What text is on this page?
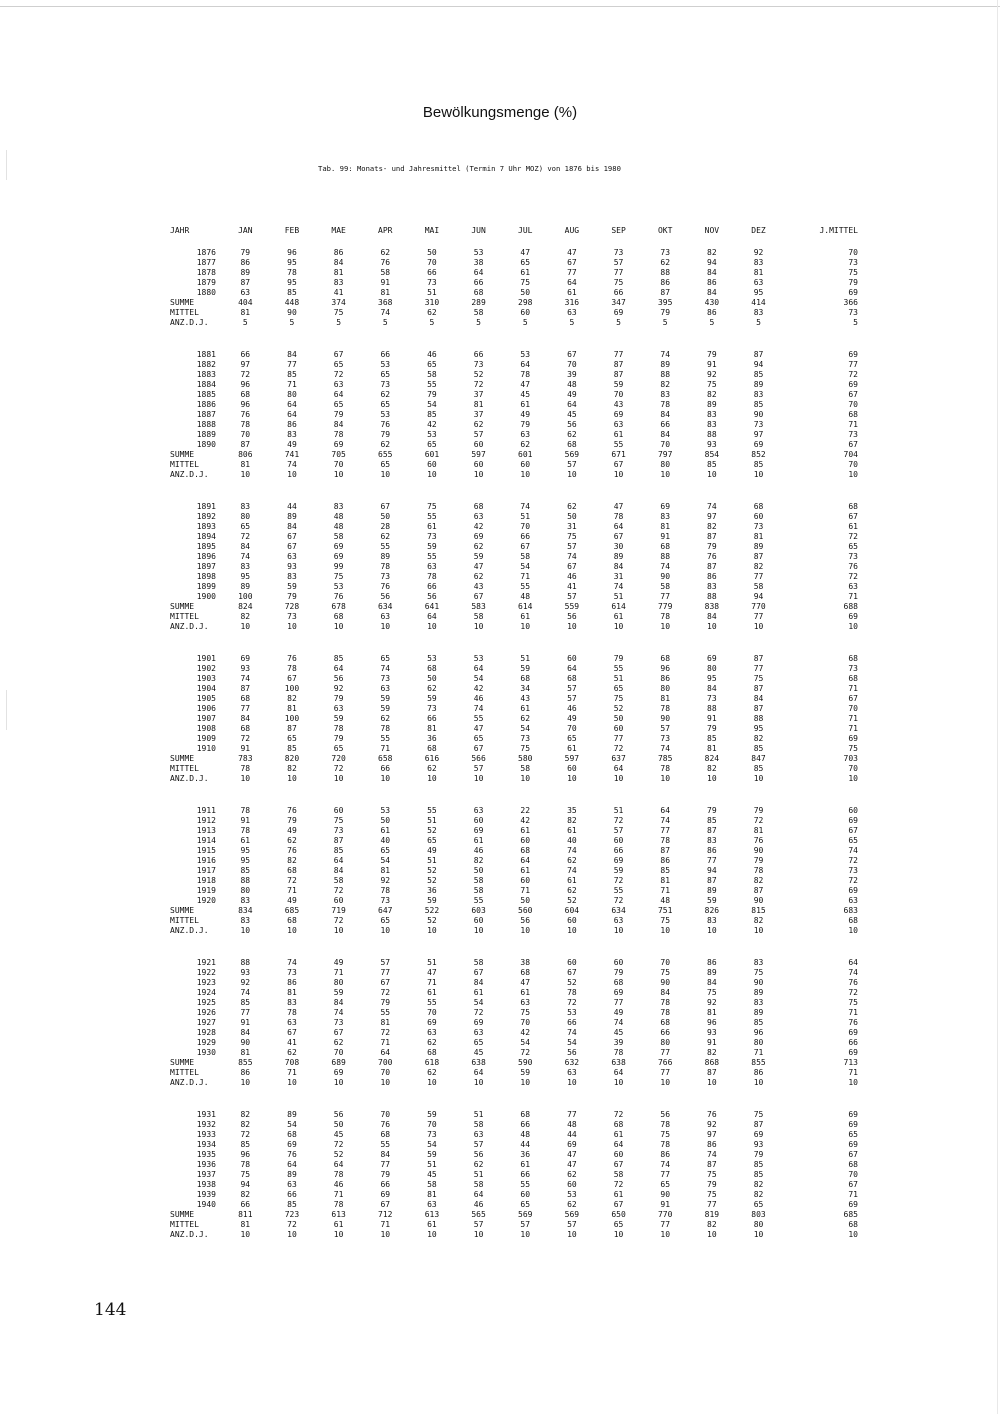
Bewölkungsmenge (%)
Tab. 99: Monats- und Jahresmittel (Termin 7 Uhr MOZ) von 1876 bis 1980
JAHR	JAN	FEB	MAE	APR	MAI	JUN	JUL	AUG	SEP	OKT	NOV	DEZ	J.MITTEL
1876	79	96	86	62	50	53	47	47	73	73	82	92	70
1877	86	95	84	76	70	38	65	67	57	62	94	83	73
1878	89	78	81	58	66	64	61	77	77	88	84	81	75
1879	87	95	83	91	73	66	75	64	75	86	86	63	79
1880	63	85	41	81	51	68	50	61	66	87	84	95	69
SUMME	404	448	374	368	310	289	298	316	347	395	430	414	366
MITTEL	81	90	75	74	62	58	60	63	69	79	86	83	73
ANZ.D.J.	5	5	5	5	5	5	5	5	5	5	5	5	5

1881	66	84	67	66	46	66	53	67	77	74	79	87	69
1882	97	77	65	53	65	73	64	70	87	89	91	94	77
1883	72	85	72	65	58	52	78	39	87	88	92	85	72
1884	96	71	63	73	55	72	47	48	59	82	75	89	69
1885	68	80	64	62	79	37	45	49	70	83	82	83	67
1886	96	64	65	65	54	81	61	64	43	78	89	85	70
1887	76	64	79	53	85	37	49	45	69	84	83	90	68
1888	78	86	84	76	42	62	79	56	63	66	83	73	71
1889	70	83	78	79	53	57	63	62	61	84	88	97	73
1890	87	49	69	62	65	60	62	68	55	70	93	69	67
SUMME	806	741	705	655	601	597	601	569	671	797	854	852	704
MITTEL	81	74	70	65	60	60	60	57	67	80	85	85	70
ANZ.D.J.	10	10	10	10	10	10	10	10	10	10	10	10	10

1891	83	44	83	67	75	68	74	62	47	69	74	68	68
1892	80	89	48	50	55	63	51	50	78	83	97	60	67
1893	65	84	48	28	61	42	70	31	64	81	82	73	61
1894	72	67	58	62	73	69	66	75	67	91	87	81	72
1895	84	67	69	55	59	62	67	57	30	68	79	89	65
1896	74	63	69	89	55	59	58	74	89	88	76	87	73
1897	83	93	99	78	63	47	54	67	84	74	87	82	76
1898	95	83	75	73	78	62	71	46	31	90	86	77	72
1899	89	59	53	76	66	43	55	41	74	58	83	58	63
1900	100	79	76	56	56	67	48	57	51	77	88	94	71
SUMME	824	728	678	634	641	583	614	559	614	779	838	770	688
MITTEL	82	73	68	63	64	58	61	56	61	78	84	77	69
ANZ.D.J.	10	10	10	10	10	10	10	10	10	10	10	10	10

1901	69	76	85	65	53	53	51	60	79	68	69	87	68
1902	93	78	64	74	68	64	59	64	55	96	80	77	73
1903	74	67	56	73	50	54	68	68	51	86	95	75	68
1904	87	100	92	63	62	42	34	57	65	80	84	87	71
1905	68	82	79	59	59	46	43	57	75	81	73	84	67
1906	77	81	63	59	73	74	61	46	52	78	88	87	70
1907	84	100	59	62	66	55	62	49	50	90	91	88	71
1908	68	87	78	78	81	47	54	70	60	57	79	95	71
1909	72	65	79	55	36	65	73	65	77	73	85	82	69
1910	91	85	65	71	68	67	75	61	72	74	81	85	75
SUMME	783	820	720	658	616	566	580	597	637	785	824	847	703
MITTEL	78	82	72	66	62	57	58	60	64	78	82	85	70
ANZ.D.J.	10	10	10	10	10	10	10	10	10	10	10	10	10

1911	78	76	60	53	55	63	22	35	51	64	79	79	60
1912	91	79	75	50	51	60	42	82	72	74	85	72	69
1913	78	49	73	61	52	69	61	61	57	77	87	81	67
1914	61	62	87	40	65	61	60	40	60	78	83	76	65
1915	95	76	85	65	49	46	68	74	66	87	86	90	74
1916	95	82	64	54	51	82	64	62	69	86	77	79	72
1917	85	68	84	81	52	50	61	74	59	85	94	78	73
1918	88	72	58	92	52	58	60	61	72	81	87	82	72
1919	80	71	72	78	36	58	71	62	55	71	89	87	69
1920	83	49	60	73	59	55	50	52	72	48	59	90	63
SUMME	834	685	719	647	522	603	560	604	634	751	826	815	683
MITTEL	83	68	72	65	52	60	56	60	63	75	83	82	68
ANZ.D.J.	10	10	10	10	10	10	10	10	10	10	10	10	10

1921	88	74	49	57	51	58	38	60	60	70	86	83	64
1922	93	73	71	77	47	67	68	67	79	75	89	75	74
1923	92	86	80	67	71	84	47	52	68	90	84	90	76
1924	74	81	59	72	61	61	61	78	69	84	75	89	72
1925	85	83	84	79	55	54	63	72	77	78	92	83	75
1926	77	78	74	55	70	72	75	53	49	78	81	89	71
1927	91	63	73	81	69	69	70	66	74	68	96	85	76
1928	84	67	67	72	63	63	42	74	45	66	93	96	69
1929	90	41	62	71	62	65	54	54	39	80	91	80	66
1930	81	62	70	64	68	45	72	56	78	77	82	71	69
SUMME	855	708	689	700	618	638	590	632	638	766	868	855	713
MITTEL	86	71	69	70	62	64	59	63	64	77	87	86	71
ANZ.D.J.	10	10	10	10	10	10	10	10	10	10	10	10	10

1931	82	89	56	70	59	51	68	77	72	56	76	75	69
1932	82	54	50	76	70	58	66	48	68	78	92	87	69
1933	72	68	45	68	73	63	48	44	61	75	97	69	65
1934	85	69	72	55	54	57	44	69	64	78	86	93	69
1935	96	76	52	84	59	56	36	47	60	86	74	79	67
1936	78	64	64	77	51	62	61	47	67	74	87	85	68
1937	75	89	78	79	45	51	66	62	58	77	75	85	70
1938	94	63	46	66	58	58	55	60	72	65	79	82	67
1939	82	66	71	69	81	64	60	53	61	90	75	82	71
1940	66	85	78	67	63	46	65	62	67	91	77	65	69
SUMME	811	723	613	712	613	565	569	569	650	770	819	803	685
MITTEL	81	72	61	71	61	57	57	57	65	77	82	80	68
ANZ.D.J.	10	10	10	10	10	10	10	10	10	10	10	10	10
144
